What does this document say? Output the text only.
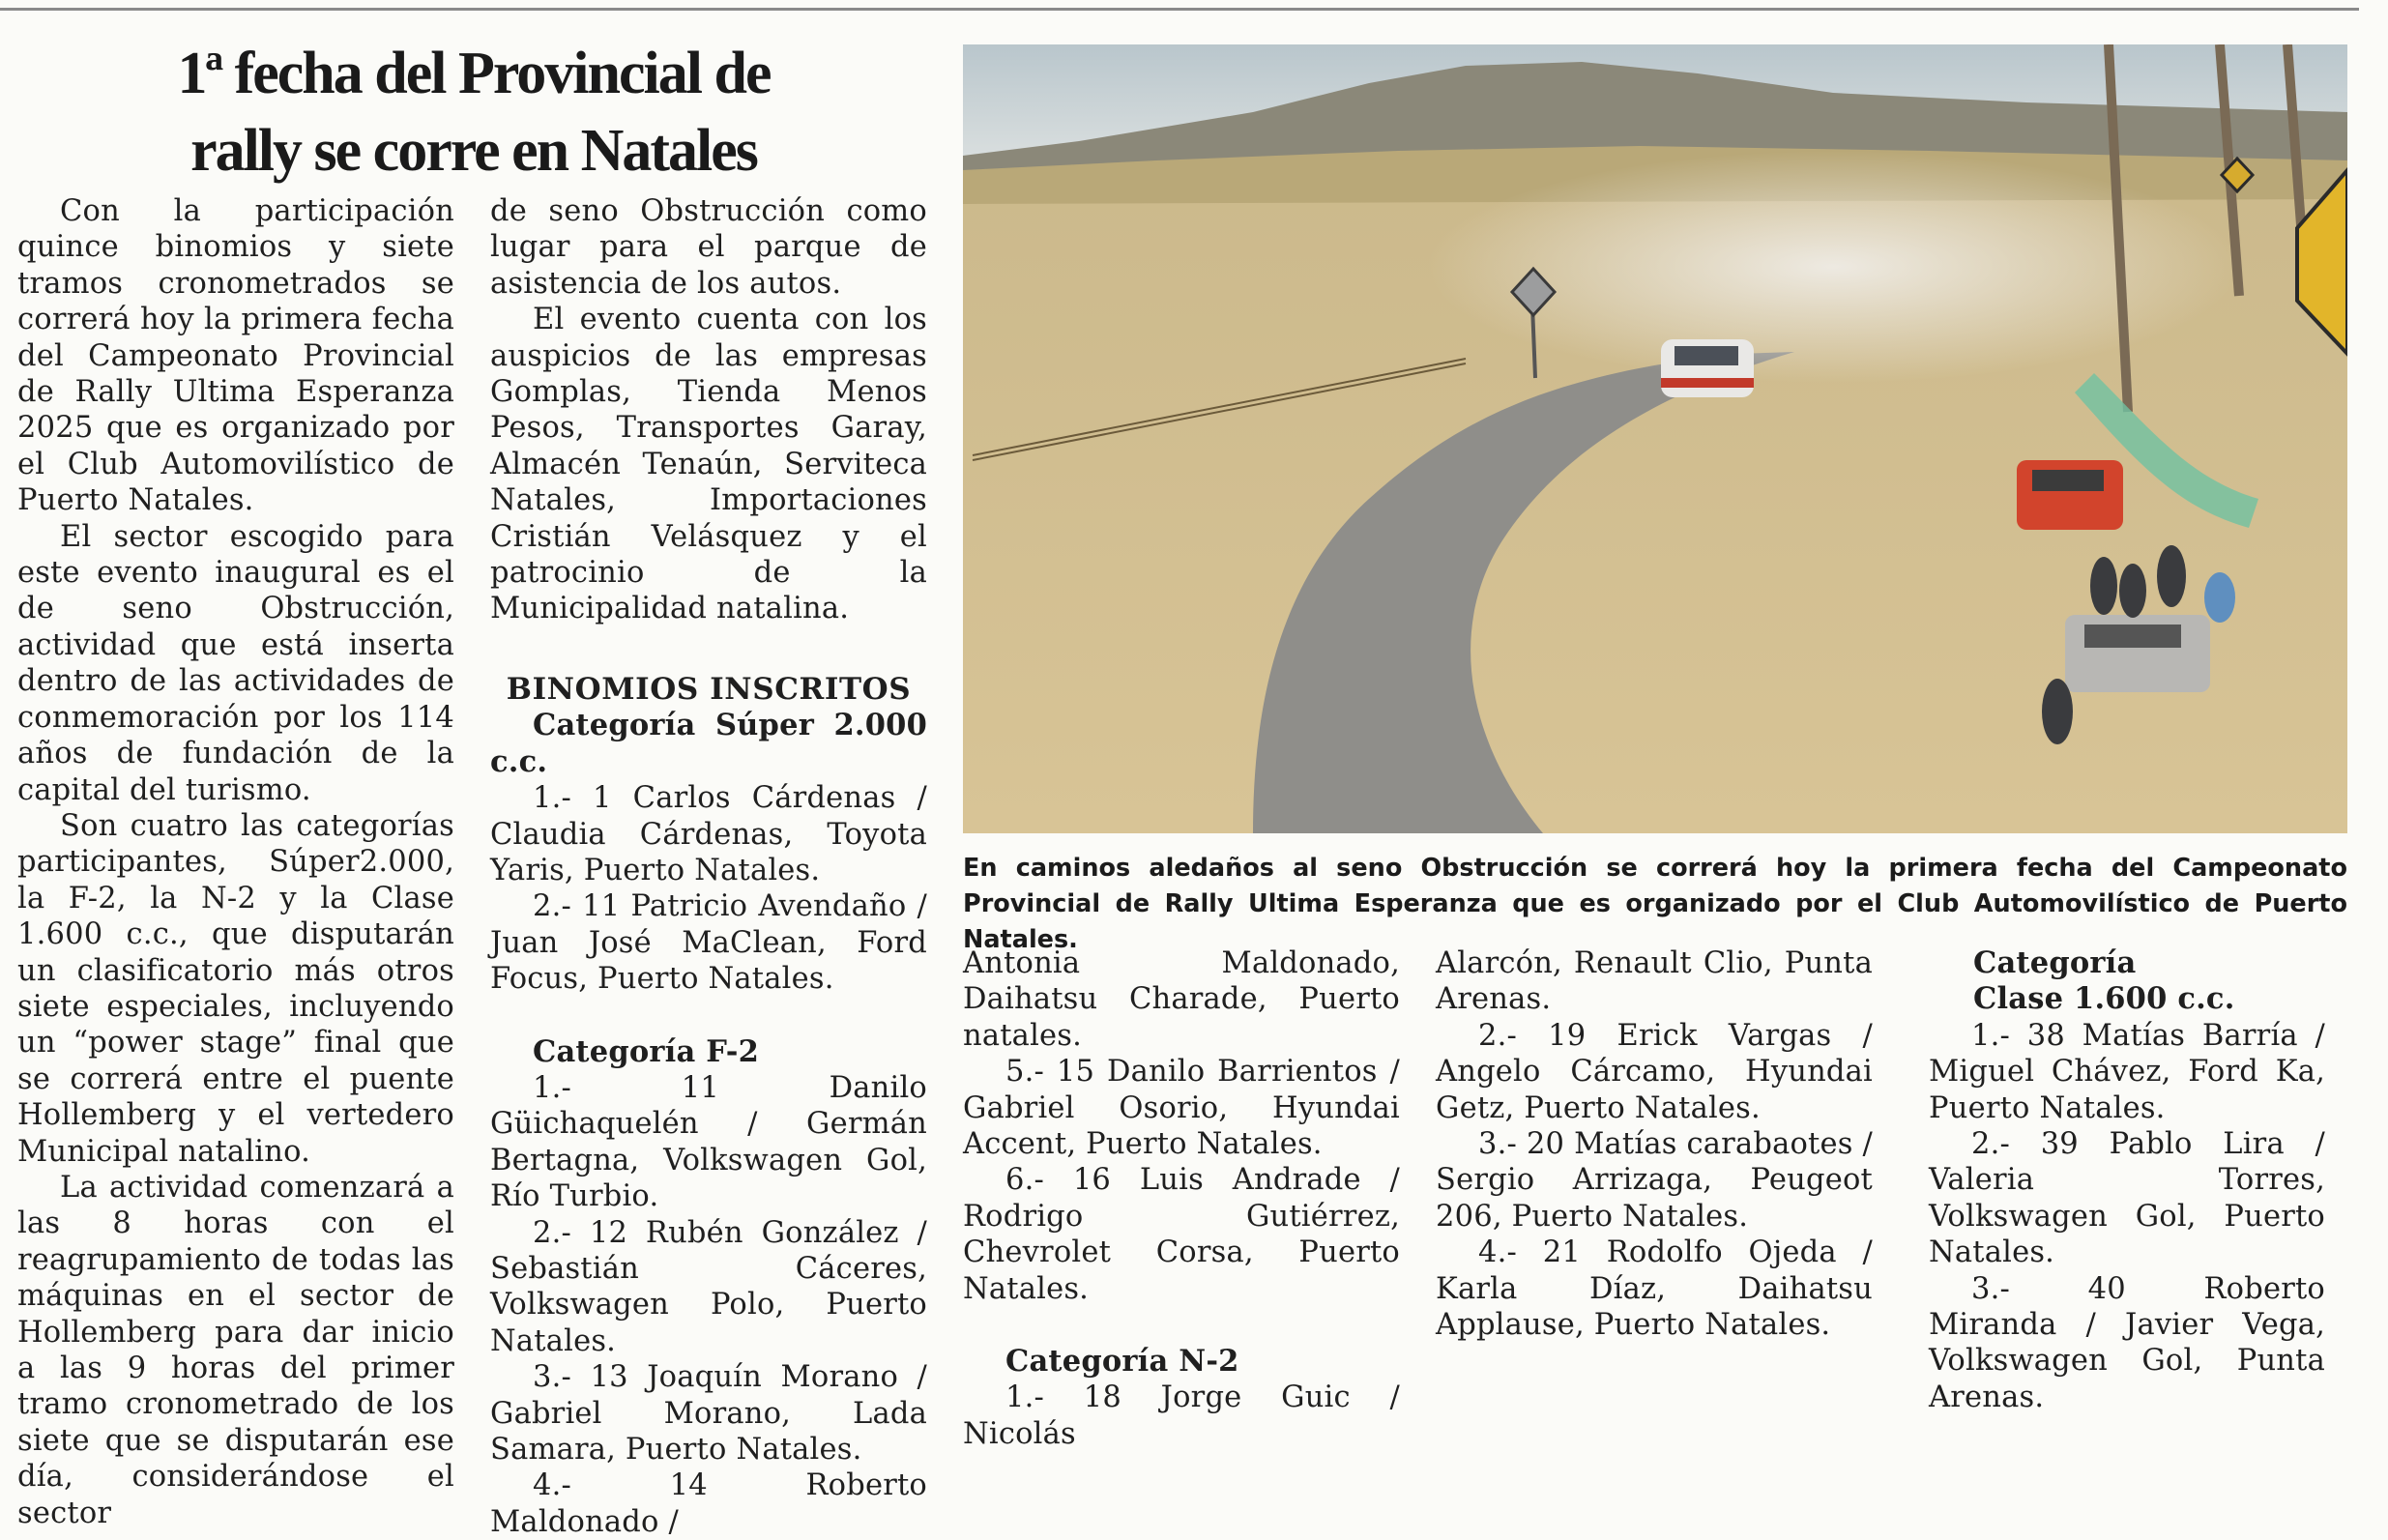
1ª fecha del Provincial de
rally se corre en Natales

Con la participación quince binomios y siete tramos cronometrados se correrá hoy la primera fecha del Campeonato Provincial de Rally Ultima Esperanza 2025 que es organizado por el Club Automovilístico de Puerto Natales.

El sector escogido para este evento inaugural es el de seno Obstrucción, actividad que está inserta dentro de las actividades de conmemoración por los 114 años de fundación de la capital del turismo.

Son cuatro las categorías participantes, Súper2.000, la F-2, la N-2 y la Clase 1.600 c.c., que disputarán un clasificatorio más otros siete especiales, incluyendo un “power stage” final que se correrá entre el puente Hollemberg y el vertedero Municipal natalino.

La actividad comenzará a las 8 horas con el reagrupamiento de todas las máquinas en el sector de Hollemberg para dar inicio a las 9 horas del primer tramo cronometrado de los siete que se disputarán ese día, considerándose el sector

de seno Obstrucción como lugar para el parque de asistencia de los autos.

El evento cuenta con los auspicios de las empresas Gomplas, Tienda Menos Pesos, Transportes Garay, Almacén Tenaún, Serviteca Natales, Importaciones Cristián Velásquez y el patrocinio de la Municipalidad natalina.

BINOMIOS INSCRITOS
Categoría Súper 2.000 c.c.

1.- 1 Carlos Cárdenas / Claudia Cárdenas, Toyota Yaris, Puerto Natales.

2.- 11 Patricio Avendaño / Juan José MaClean, Ford Focus, Puerto Natales.

Categoría F-2

1.- 11 Danilo Güichaquelén / Germán Bertagna, Volkswagen Gol, Río Turbio.

2.- 12 Rubén González / Sebastián Cáceres, Volkswagen Polo, Puerto Natales.

3.- 13 Joaquín Morano / Gabriel Morano, Lada Samara, Puerto Natales.

4.- 14 Roberto Maldonado /

En caminos aledaños al seno Obstrucción se correrá hoy la primera fecha del Campeonato Provincial de Rally Ultima Esperanza que es organizado por el Club Automovilístico de Puerto Natales.

Antonia Maldonado, Daihatsu Charade, Puerto natales.

5.- 15 Danilo Barrientos / Gabriel Osorio, Hyundai Accent, Puerto Natales.

6.- 16 Luis Andrade / Rodrigo Gutiérrez, Chevrolet Corsa, Puerto Natales.

Categoría N-2

1.- 18 Jorge Guic / Nicolás

Alarcón, Renault Clio, Punta Arenas.

2.- 19 Erick Vargas / Angelo Cárcamo, Hyundai Getz, Puerto Natales.

3.- 20 Matías carabaotes / Sergio Arrizaga, Peugeot 206, Puerto Natales.

4.- 21 Rodolfo Ojeda / Karla Díaz, Daihatsu Applause, Puerto Natales.

Categoría
Clase 1.600 c.c.

1.- 38 Matías Barría / Miguel Chávez, Ford Ka, Puerto Natales.

2.- 39 Pablo Lira / Valeria Torres, Volkswagen Gol, Puerto Natales.

3.- 40 Roberto Miranda / Javier Vega, Volkswagen Gol, Punta Arenas.
